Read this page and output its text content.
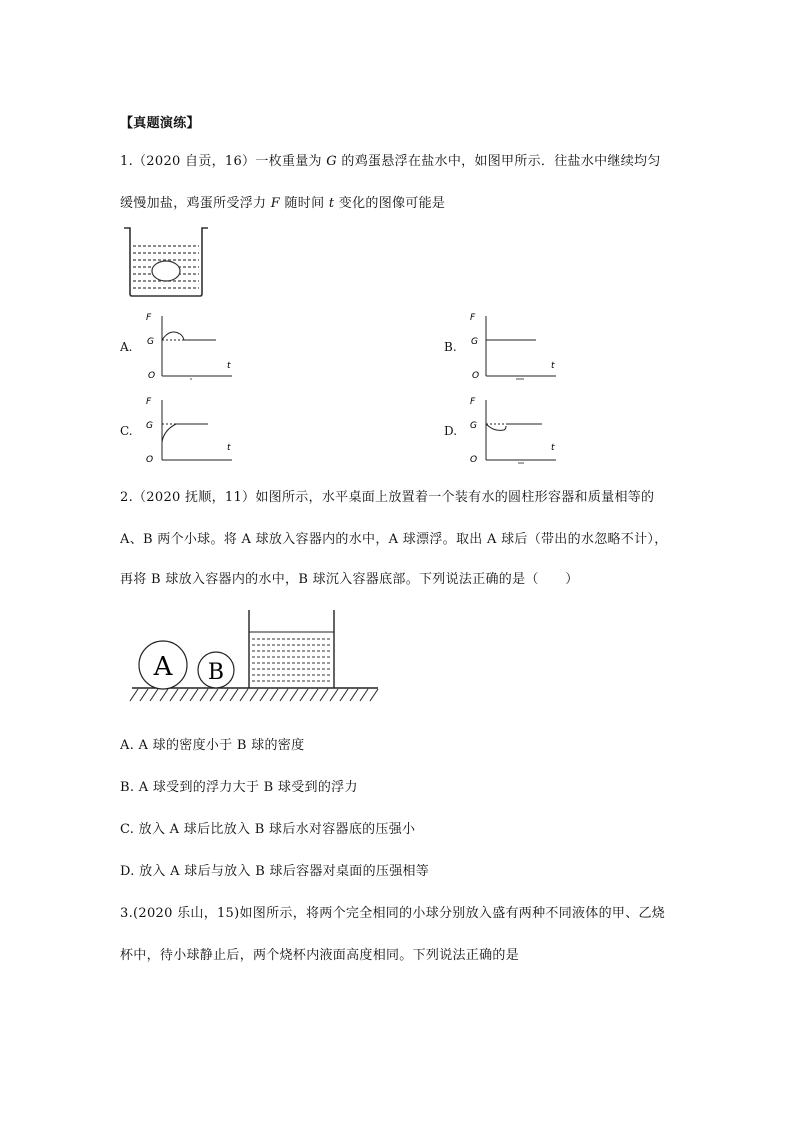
【真题演练】
1.（2020 自贡，16）一枚重量为 G 的鸡蛋悬浮在盐水中，如图甲所示．往盐水中继续均匀
缓慢加盐，鸡蛋所受浮力 F 随时间 t 变化的图像可能是
A.	B.
C.	D.
F
t
G
O
F
t
G
O
F
t
G
O
F
t
G
O
2.（2020 抚顺，11）如图所示，水平桌面上放置着一个装有水的圆柱形容器和质量相等的
A、B 两个小球。将 A 球放入容器内的水中，A 球漂浮。取出 A 球后（带出的水忽略不计），
再将 B 球放入容器内的水中，B 球沉入容器底部。下列说法正确的是（　　）
A B
A. A 球的密度小于 B 球的密度
B. A 球受到的浮力大于 B 球受到的浮力
C. 放入 A 球后比放入 B 球后水对容器底的压强小
D. 放入 A 球后与放入 B 球后容器对桌面的压强相等
3.(2020 乐山，15)如图所示，将两个完全相同的小球分别放入盛有两种不同液体的甲、乙烧
杯中，待小球静止后，两个烧杯内液面高度相同。下列说法正确的是
